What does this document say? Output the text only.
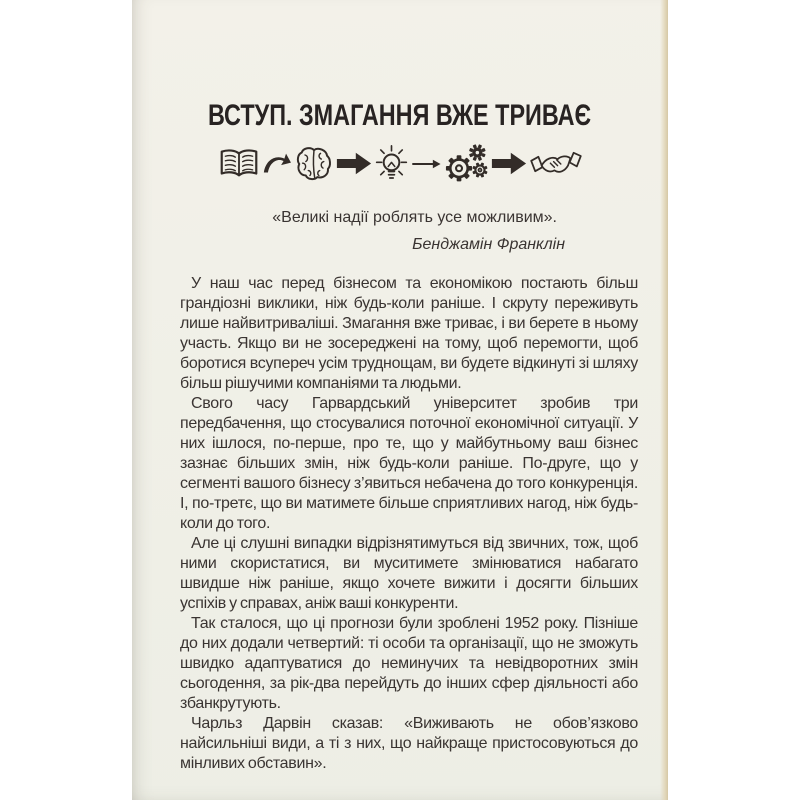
ВСТУП. ЗМАГАННЯ ВЖЕ ТРИВАЄ

«Великі надії роблять усе можливим».

Бенджамін Франклін

У наш час перед бізнесом та економікою постають більш грандіозні виклики, ніж будь-коли раніше. І скруту переживуть лише найвитриваліші. Змагання вже триває, і ви берете в ньому участь. Якщо ви не зосереджені на тому, щоб перемогти, щоб боротися всупереч усім труднощам, ви будете відкинуті зі шляху більш рішучими компаніями та людьми.

Свого часу Гарвардський університет зробив три передбачення, що стосувалися поточної економічної ситуації. У них ішлося, по-перше, про те, що у майбутньому ваш бізнес зазнає більших змін, ніж будь-коли раніше. По-друге, що у сегменті вашого бізнесу з’явиться небачена до того конкуренція. І, по-третє, що ви матимете більше сприятливих нагод, ніж будь-коли до того.

Але ці слушні випадки відрізнятимуться від звичних, тож, щоб ними скористатися, ви муситимете змінюватися набагато швидше ніж раніше, якщо хочете вижити і досягти більших успіхів у справах, аніж ваші конкуренти.

Так сталося, що ці прогнози були зроблені 1952 року. Пізніше до них додали четвертий: ті особи та організації, що не зможуть швидко адаптуватися до неминучих та невідворотних змін сьогодення, за рік-два перейдуть до інших сфер діяльності або збанкрутують.

Чарльз Дарвін сказав: «Виживають не обов’язково найсильніші види, а ті з них, що найкраще пристосовуються до мінливих обставин».
